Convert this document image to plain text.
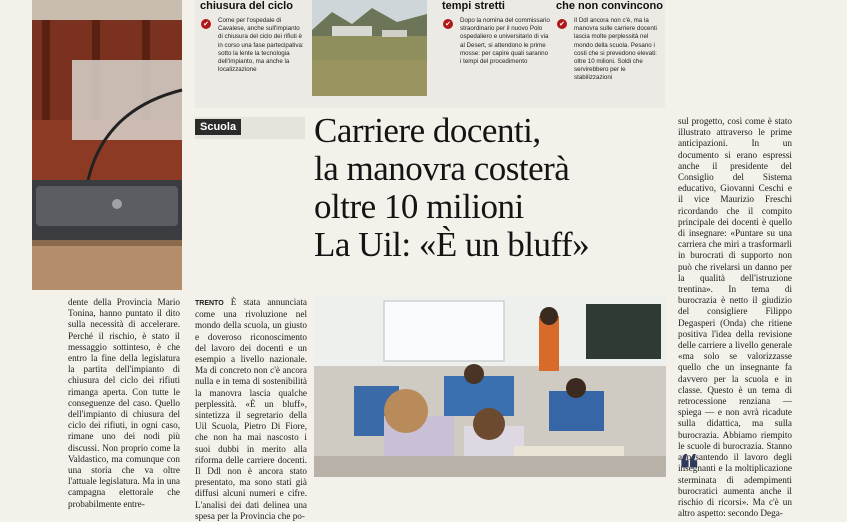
chiusura del ciclo
✔	Come per l'ospedale di Cavalese, anche sull'impianto di chiusura del ciclo dei rifiuti è in corso una fase partecipativa: sotto la lente la tecnologia dell'impianto, ma anche la localizzazione
tempi stretti
✔	Dopo la nomina del commissario straordinario per il nuovo Polo ospedaliero e universitario di via al Desert, si attendono le prime mosse: per capire quali saranno i tempi del procedimento
che non convincono
✔	Il Ddl ancora non c'è, ma la manovra sulle carriere docenti lascia molte perplessità nel mondo della scuola. Pesano i costi che si prevedono elevati: oltre 10 milioni. Soldi che servirebbero per le stabilizzazioni
Scuola	Carriere docenti,
la manovra costerà
oltre 10 milioni
La Uil: «È un bluff»
dente della Provincia Mario Tonina, hanno puntato il dito sulla necessità di accelerare. Perché il rischio, è stato il messaggio sottinteso, è che entro la fine della legislatura la partita dell'impianto di chiusura del ciclo dei rifiuti rimanga aperta. Con tutte le conseguenze del caso. Quello dell'impianto di chiusura del ciclo dei rifiuti, in ogni caso, rimane uno dei nodi più discussi. Non proprio come la Valdastico, ma comunque con una storia che va oltre l'attuale legislatura. Ma in una campagna elettorale che probabilmente entre-
TRENTO È stata annunciata come una rivoluzione nel mondo della scuola, un giusto e doveroso riconoscimento del lavoro dei docenti e un esempio a livello nazionale. Ma di concreto non c'è ancora nulla e in tema di sostenibilità la manovra lascia qualche perplessità. «È un bluff», sintetizza il segretario della Uil Scuola, Pietro Di Fiore, che non ha mai nascosto i suoi dubbi in merito alla riforma delle carriere docenti. Il Ddl non è ancora stato presentato, ma sono stati già diffusi alcuni numeri e cifre. L'analisi dei dati delinea una spesa per la Provincia che po-
sul progetto, così come è stato illustrato attraverso le prime anticipazioni. In un documento si erano espressi anche il presidente del Consiglio del Sistema educativo, Giovanni Ceschi e il vice Maurizio Freschi ricordando che il compito principale dei docenti è quello di insegnare: «Puntare su una carriera che miri a trasformarli in burocrati di supporto non può che rivelarsi un danno per la qualità dell'istruzione trentina». In tema di burocrazia è netto il giudizio del consigliere Filippo Degasperi (Onda) che ritiene positiva l'idea della revisione delle carriere a livello generale «ma solo se valorizzasse quello che un insegnante fa davvero per la scuola e in classe. Questo è un tema di retrocessione renziana — spiega — e non avrà ricadute sulla didattica, ma sulla burocrazia. Abbiamo riempito le scuole di burocrazia. Stanno appesantendo il lavoro degli insegnanti e la moltiplicazione sterminata di adempimenti burocratici aumenta anche il rischio di ricorsi». Ma c'è un altro aspetto: secondo Dega-
❝
